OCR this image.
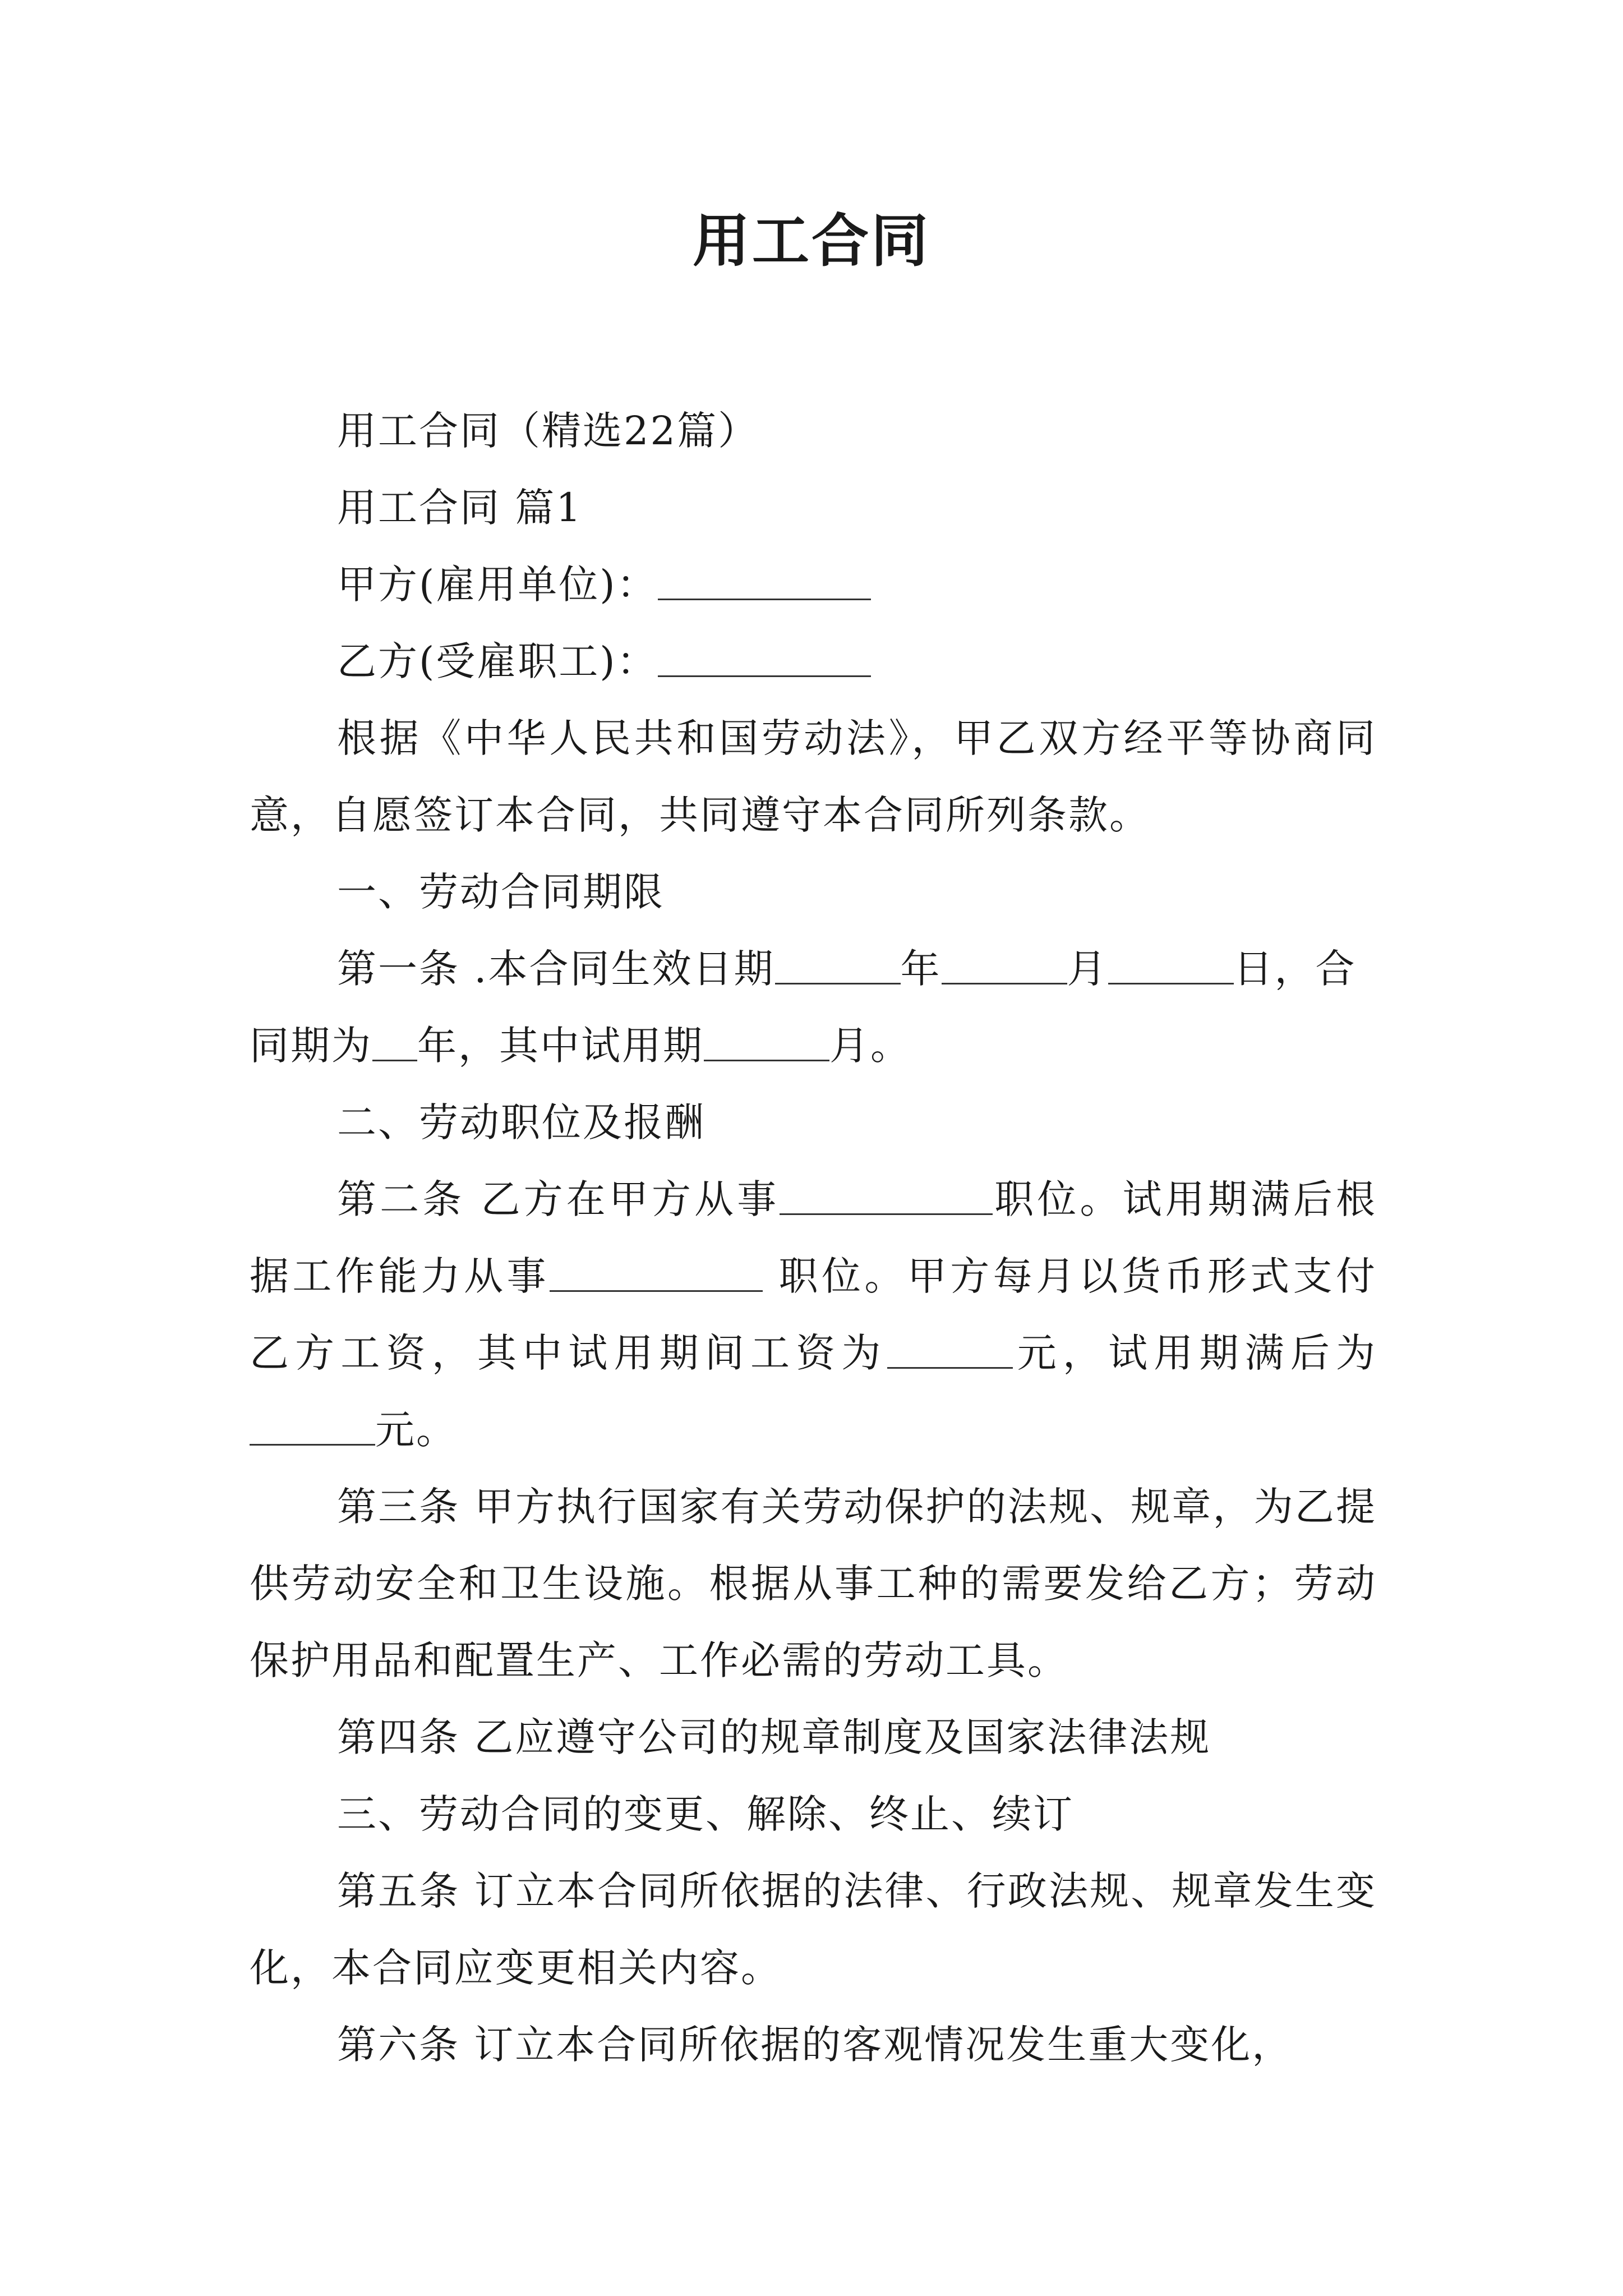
用工合同

用工合同（精选22篇）

用工合同 篇1

甲方(雇用单位)：

乙方(受雇职工)：

根据《中华人民共和国劳动法》，甲乙双方经平等协商同意，自愿签订本合同，共同遵守本合同所列条款。

一、劳动合同期限

第一条 .本合同生效日期	年	月	日，合同期为 年，其中试用期	月。

二、劳动职位及报酬

第二条 乙方在甲方从事	职位。试用期满后根据工作能力从事	职位。甲方每月以货币形式支付乙方工资，其中试用期间工资为	元，试用期满后为元。

第三条 甲方执行国家有关劳动保护的法规、规章，为乙提供劳动安全和卫生设施。根据从事工种的需要发给乙方；劳动保护用品和配置生产、工作必需的劳动工具。

第四条 乙应遵守公司的规章制度及国家法律法规

三、劳动合同的变更、解除、终止、续订

第五条 订立本合同所依据的法律、行政法规、规章发生变化，本合同应变更相关内容。

第六条 订立本合同所依据的客观情况发生重大变化，
